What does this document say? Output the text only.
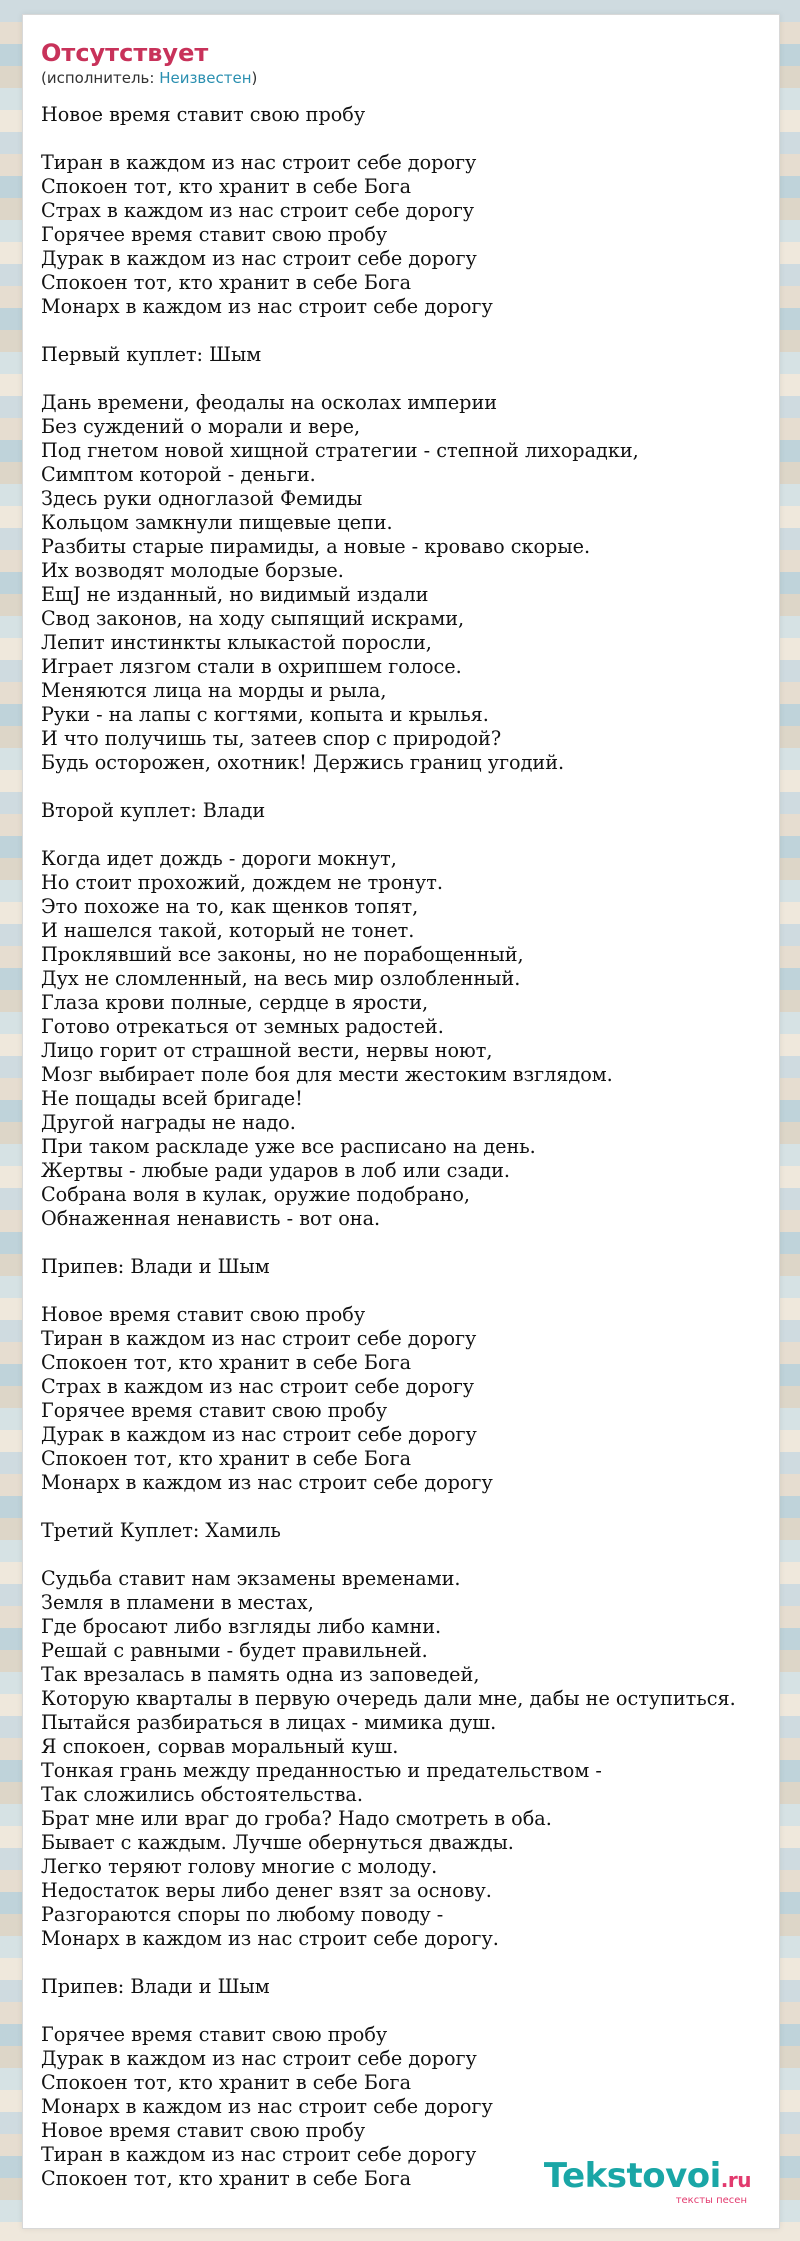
Отсутствует
(исполнитель: Неизвестен)
Новое время ставит свою пробу
Тиран в каждом из нас строит себе дорогу
Спокоен тот, кто хранит в себе Бога
Страх в каждом из нас строит себе дорогу
Горячее время ставит свою пробу
Дурак в каждом из нас строит себе дорогу
Спокоен тот, кто хранит в себе Бога
Монарх в каждом из нас строит себе дорогу
Первый куплет: Шым
Дань времени, феодалы на осколах империи
Без суждений о морали и вере,
Под гнетом новой хищной стратегии - степной лихорадки,
Симптом которой - деньги.
Здесь руки одноглазой Фемиды
Кольцом замкнули пищевые цепи.
Разбиты старые пирамиды, а новые - кроваво скорые.
Их возводят молодые борзые.
ЕщЈ не изданный, но видимый издали
Свод законов, на ходу сыпящий искрами,
Лепит инстинкты клыкастой поросли,
Играет лязгом стали в охрипшем голосе.
Меняются лица на морды и рыла,
Руки - на лапы с когтями, копыта и крылья.
И что получишь ты, затеев спор с природой?
Будь осторожен, охотник! Держись границ угодий.
Второй куплет: Влади
Когда идет дождь - дороги мокнут,
Но стоит прохожий, дождем не тронут.
Это похоже на то, как щенков топят,
И нашелся такой, который не тонет.
Проклявший все законы, но не порабощенный,
Дух не сломленный, на весь мир озлобленный.
Глаза крови полные, сердце в ярости,
Готово отрекаться от земных радостей.
Лицо горит от страшной вести, нервы ноют,
Мозг выбирает поле боя для мести жестоким взглядом.
Не пощады всей бригаде!
Другой награды не надо.
При таком раскладе уже все расписано на день.
Жертвы - любые ради ударов в лоб или сзади.
Собрана воля в кулак, оружие подобрано,
Обнаженная ненависть - вот она.
Припев: Влади и Шым
Новое время ставит свою пробу
Тиран в каждом из нас строит себе дорогу
Спокоен тот, кто хранит в себе Бога
Страх в каждом из нас строит себе дорогу
Горячее время ставит свою пробу
Дурак в каждом из нас строит себе дорогу
Спокоен тот, кто хранит в себе Бога
Монарх в каждом из нас строит себе дорогу
Третий Куплет: Хамиль
Судьба ставит нам экзамены временами.
Земля в пламени в местах,
Где бросают либо взгляды либо камни.
Решай с равными - будет правильней.
Так врезалась в память одна из заповедей,
Которую кварталы в первую очередь дали мне, дабы не оступиться.
Пытайся разбираться в лицах - мимика душ.
Я спокоен, сорвав моральный куш.
Тонкая грань между преданностью и предательством -
Так сложились обстоятельства.
Брат мне или враг до гроба? Надо смотреть в оба.
Бывает с каждым. Лучше обернуться дважды.
Легко теряют голову многие с молоду.
Недостаток веры либо денег взят за основу.
Разгораются споры по любому поводу -
Монарх в каждом из нас строит себе дорогу.
Припев: Влади и Шым
Горячее время ставит свою пробу
Дурак в каждом из нас строит себе дорогу
Спокоен тот, кто хранит в себе Бога
Монарх в каждом из нас строит себе дорогу
Новое время ставит свою пробу
Тиран в каждом из нас строит себе дорогу
Спокоен тот, кто хранит в себе Бога	Tekstovoi.ru
тексты песен
